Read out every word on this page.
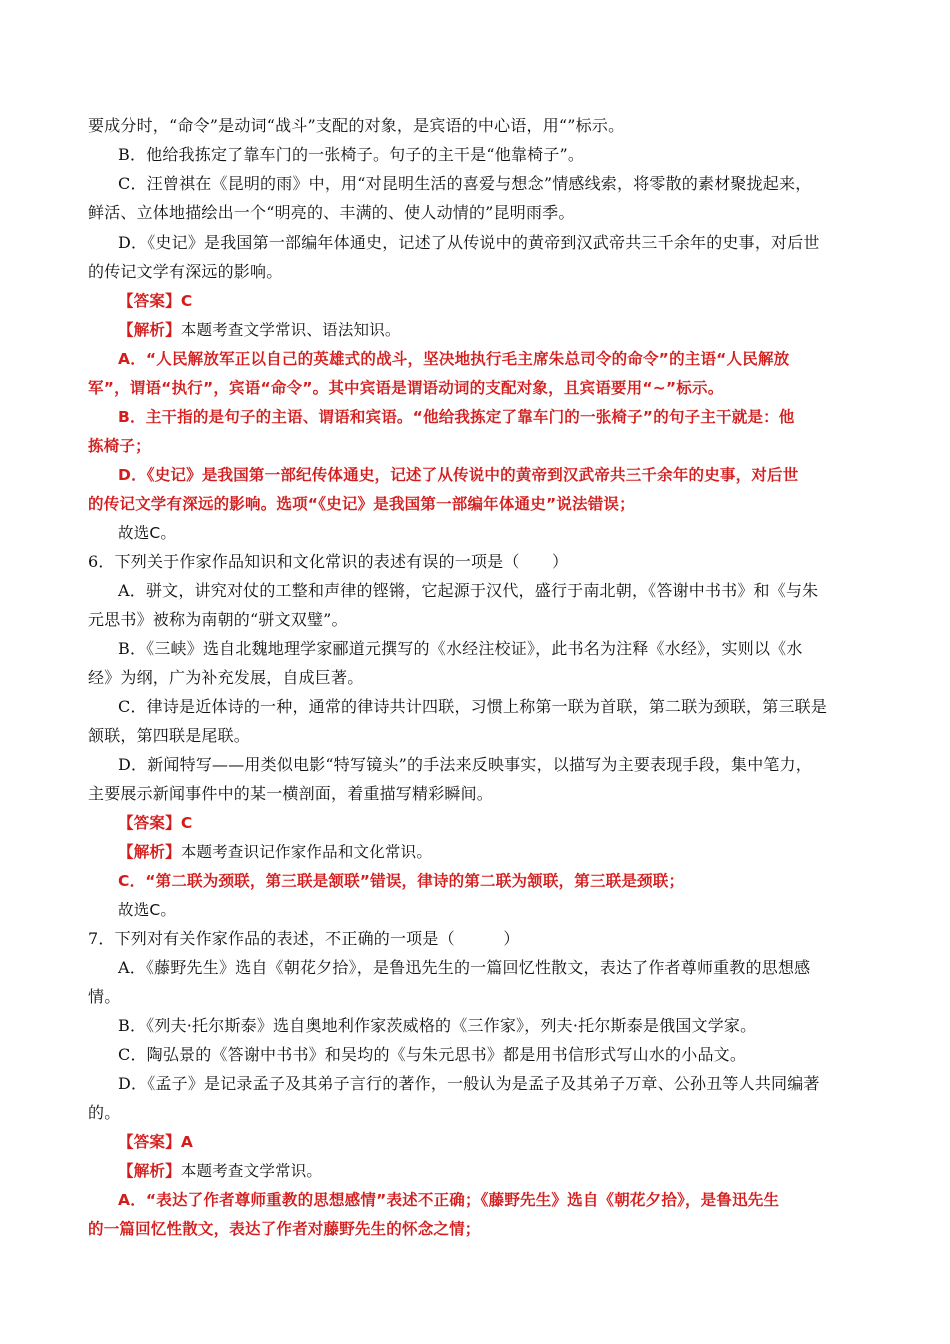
要成分时，“命令”是动词“战斗”支配的对象，是宾语的中心语，用“”标示。
B．他给我拣定了靠车门的一张椅子。句子的主干是“他靠椅子”。
C．汪曾祺在《昆明的雨》中，用“对昆明生活的喜爱与想念”情感线索，将零散的素材聚拢起来，
鲜活、立体地描绘出一个“明亮的、丰满的、使人动情的”昆明雨季。
D．《史记》是我国第一部编年体通史，记述了从传说中的黄帝到汉武帝共三千余年的史事，对后世
的传记文学有深远的影响。
【答案】C
【解析】本题考查文学常识、语法知识。
A．“人民解放军正以自己的英雄式的战斗，坚决地执行毛主席朱总司令的命令”的主语“人民解放
军”，谓语“执行”，宾语“命令”。其中宾语是谓语动词的支配对象，且宾语要用“~”标示。
B．主干指的是句子的主语、谓语和宾语。“他给我拣定了靠车门的一张椅子”的句子主干就是：他
拣椅子；
D．《史记》是我国第一部纪传体通史，记述了从传说中的黄帝到汉武帝共三千余年的史事，对后世
的传记文学有深远的影响。选项“《史记》是我国第一部编年体通史”说法错误；
故选C。
6．下列关于作家作品知识和文化常识的表述有误的一项是（　　）
A．骈文，讲究对仗的工整和声律的铿锵，它起源于汉代，盛行于南北朝，《答谢中书书》和《与朱
元思书》被称为南朝的“骈文双璧”。
B．《三峡》选自北魏地理学家郦道元撰写的《水经注校证》，此书名为注释《水经》，实则以《水
经》为纲，广为补充发展，自成巨著。
C．律诗是近体诗的一种，通常的律诗共计四联，习惯上称第一联为首联，第二联为颈联，第三联是
颔联，第四联是尾联。
D．新闻特写——用类似电影“特写镜头”的手法来反映事实，以描写为主要表现手段，集中笔力，
主要展示新闻事件中的某一横剖面，着重描写精彩瞬间。
【答案】C
【解析】本题考查识记作家作品和文化常识。
C．“第二联为颈联，第三联是颔联”错误，律诗的第二联为颔联，第三联是颈联；
故选C。
7．下列对有关作家作品的表述，不正确的一项是（　　　）
A．《藤野先生》选自《朝花夕拾》，是鲁迅先生的一篇回忆性散文，表达了作者尊师重教的思想感
情。
B．《列夫·托尔斯泰》选自奥地利作家茨威格的《三作家》，列夫·托尔斯泰是俄国文学家。
C．陶弘景的《答谢中书书》和吴均的《与朱元思书》都是用书信形式写山水的小品文。
D．《孟子》是记录孟子及其弟子言行的著作，一般认为是孟子及其弟子万章、公孙丑等人共同编著
的。
【答案】A
【解析】本题考查文学常识。
A．“表达了作者尊师重教的思想感情”表述不正确；《藤野先生》选自《朝花夕拾》，是鲁迅先生
的一篇回忆性散文，表达了作者对藤野先生的怀念之情；
